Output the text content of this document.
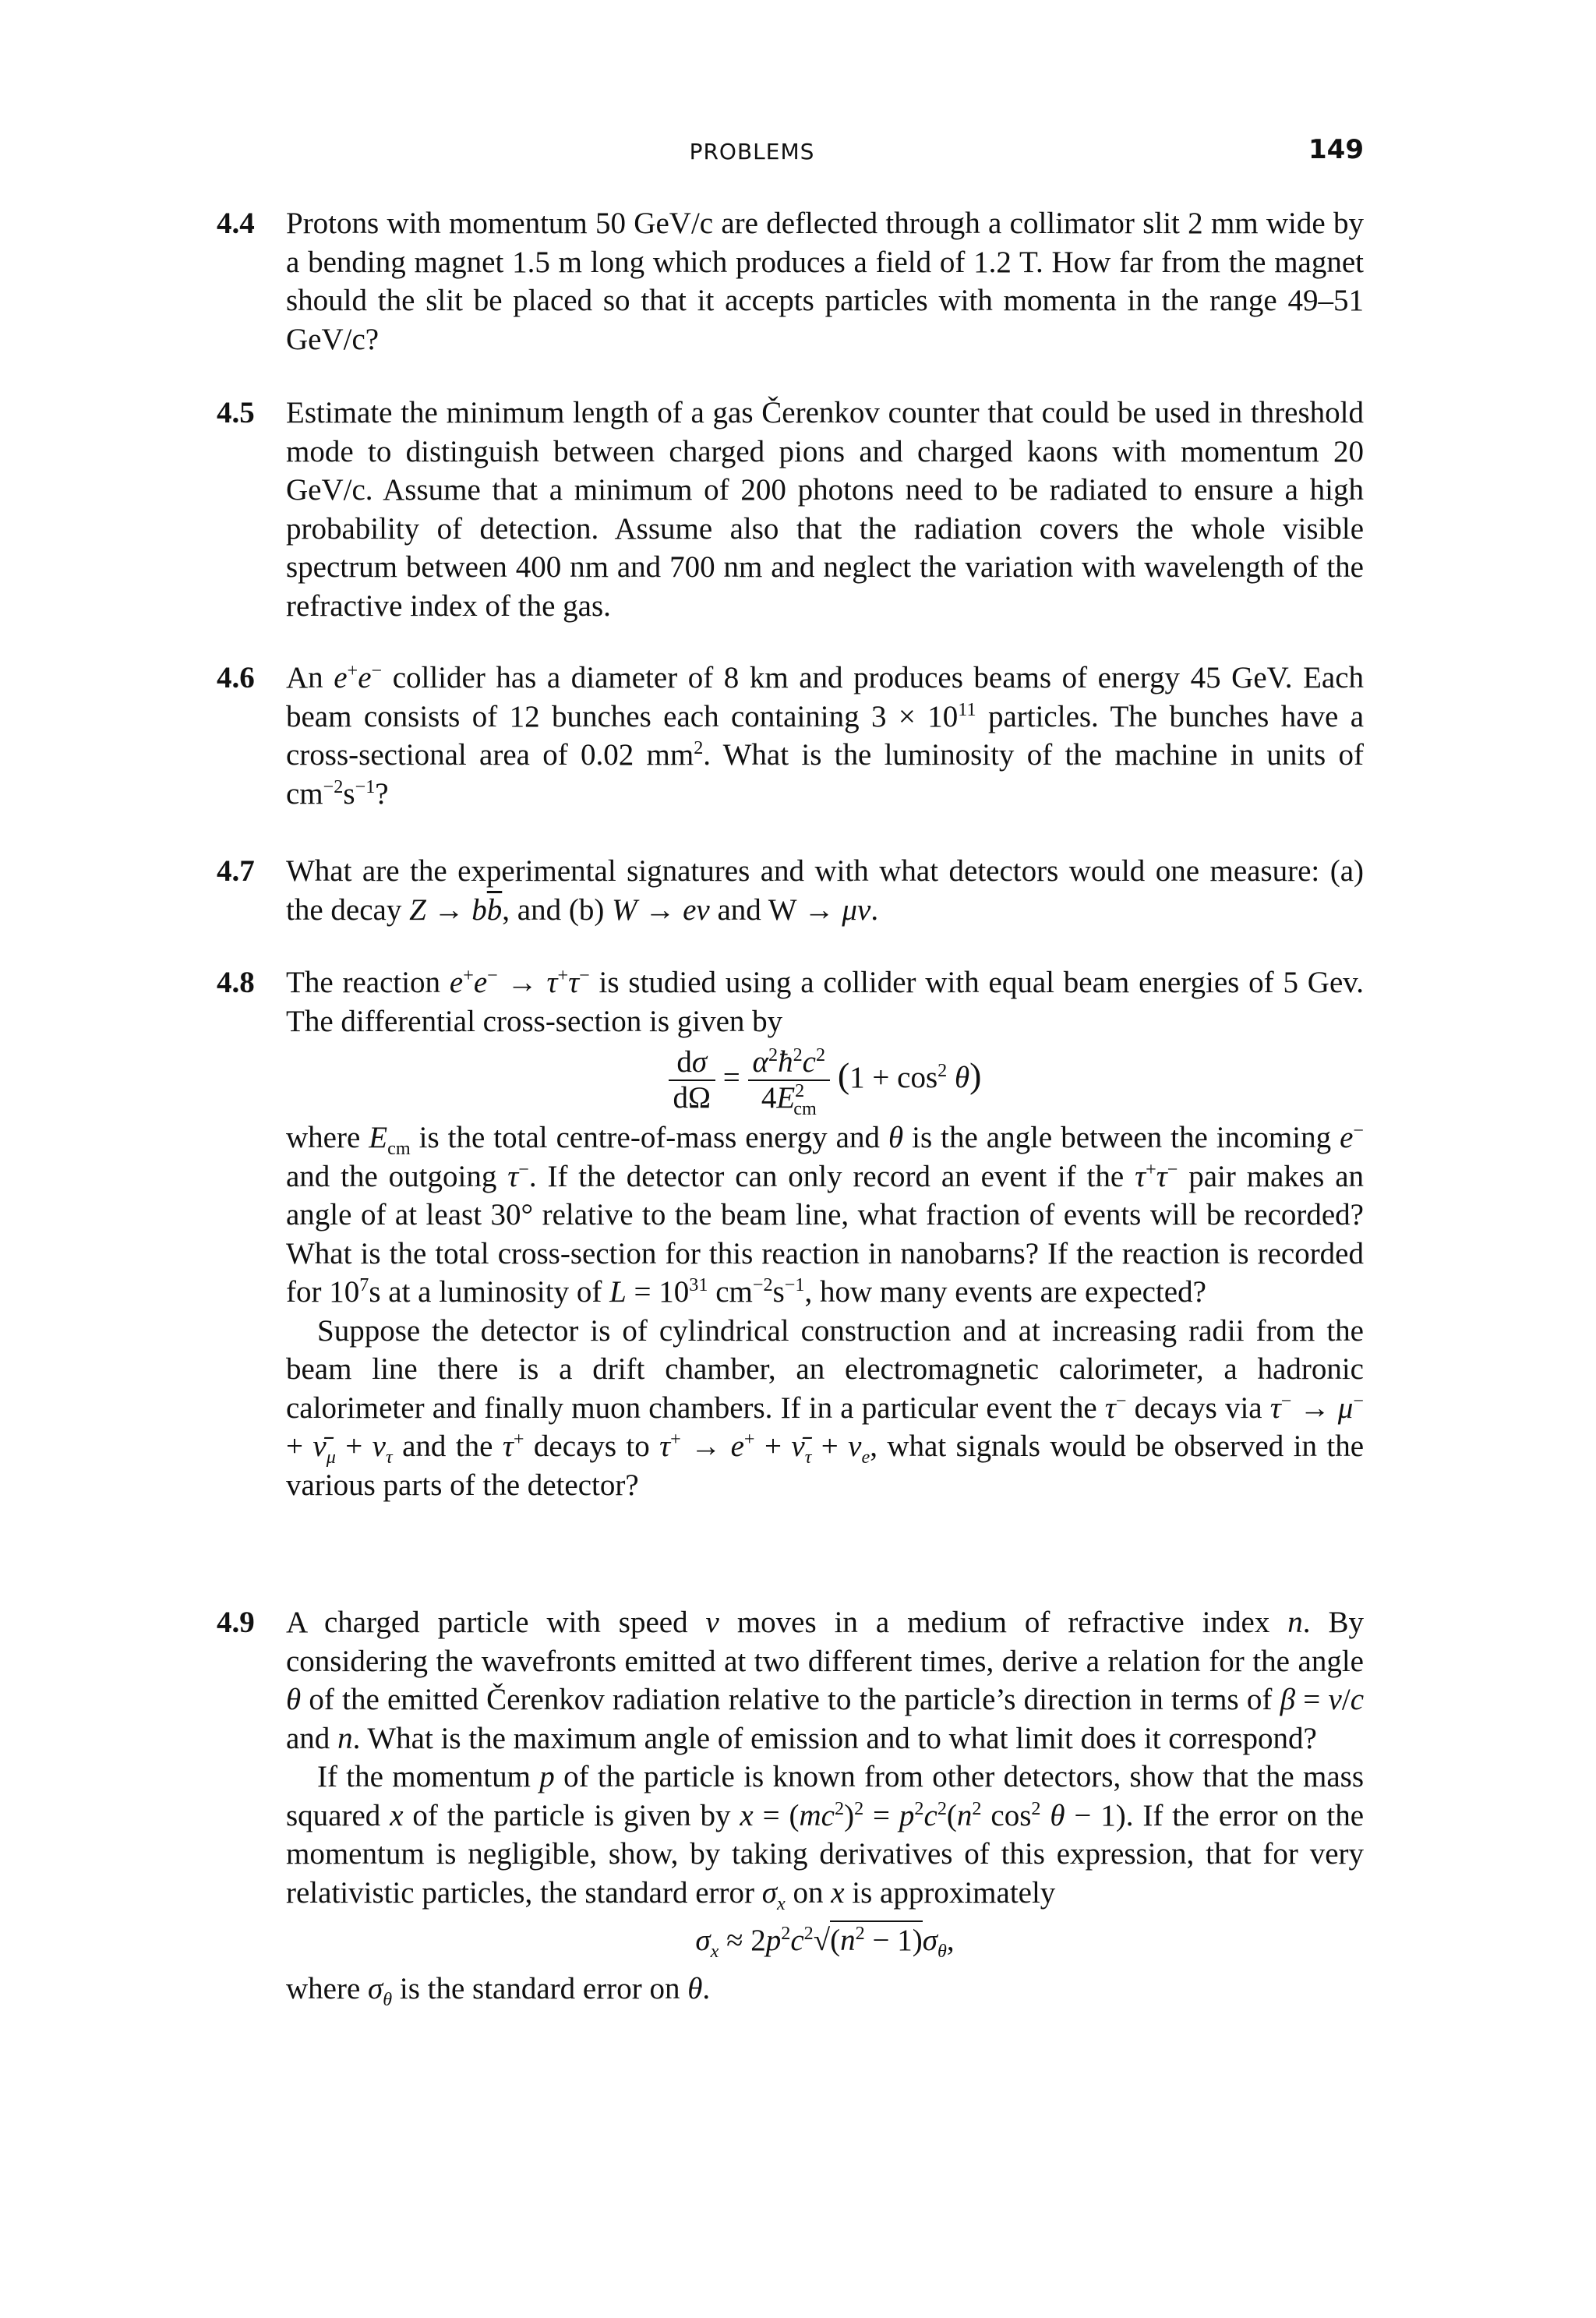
PROBLEMS	149
4.4 Protons with momentum 50 GeV/c are deflected through a collimator slit 2 mm wide by a bending magnet 1.5 m long which produces a field of 1.2 T. How far from the magnet should the slit be placed so that it accepts particles with momenta in the range 49–51 GeV/c?

4.5 Estimate the minimum length of a gas Čerenkov counter that could be used in threshold mode to distinguish between charged pions and charged kaons with momentum 20 GeV/c. Assume that a minimum of 200 photons need to be radiated to ensure a high probability of detection. Assume also that the radiation covers the whole visible spectrum between 400 nm and 700 nm and neglect the variation with wavelength of the refractive index of the gas.

4.6 An e+e− collider has a diameter of 8 km and produces beams of energy 45 GeV. Each beam consists of 12 bunches each containing $3 \times 10^{11}$ particles. The bunches have a cross-sectional area of 0.02 $mm^2$. What is the luminosity of the machine in units of $cm^{-2}s^{-1}$?

4.7 What are the experimental signatures and with what detectors would one measure: (a) the decay $Z \to b\overline{b}$, and (b) W → eν and W → μν.

4.8 The reaction e+e− → τ+τ− is studied using a collider with equal beam energies of 5 Gev. The differential cross-section is given by

$\frac{d\sigma}{d\Omega} = \frac{\alpha^2ħ^2c^2}{4E^2_{cm}} (1 + \cos^2 \theta)$

where $E_{cm}$ is the total centre-of-mass energy and θ is the angle between the incoming e− and the outgoing τ−. If the detector can only record an event if the τ+τ− pair makes an angle of at least 30° relative to the beam line, what fraction of events will be recorded? What is the total cross-section for this reaction in nanobarns? If the reaction is recorded for $10^7s$ at a luminosity of $L = 10^{31}$ $cm^{-2}s^{-1}$, how many events are expected?

Suppose the detector is of cylindrical construction and at increasing radii from the beam line there is a drift chamber, an electromagnetic calorimeter, a hadronic calorimeter and finally muon chambers. If in a particular event the τ− decays via $\tau^- \to \mu^- + \nū_\mu + \nu_\tau$ and the τ+ decays to $\tau^+ \to e^+ + \nū_\tau + \nu_e$, what signals would be observed in the various parts of the detector?

4.9 A charged particle with speed v moves in a medium of refractive index n. By considering the wavefronts emitted at two different times, derive a relation for the angle θ of the emitted Čerenkov radiation relative to the particle’s direction in terms of β = v/c and n. What is the maximum angle of emission and to what limit does it correspond?

If the momentum p of the particle is known from other detectors, show that the mass squared x of the particle is given by $x = (mc^2)^2 = p^2c^2(n^2$ $\cos^2 \theta - 1$). If the error on the momentum is negligible, show, by taking derivatives of this expression, that for very relativistic particles, the standard error $\sigma_x$ on x is approximately

$\sigma_x \approx 2p^2c^2√(n^2 - 1)\sigma_\theta$,

where $\sigma_\theta$ is the standard error on θ.
